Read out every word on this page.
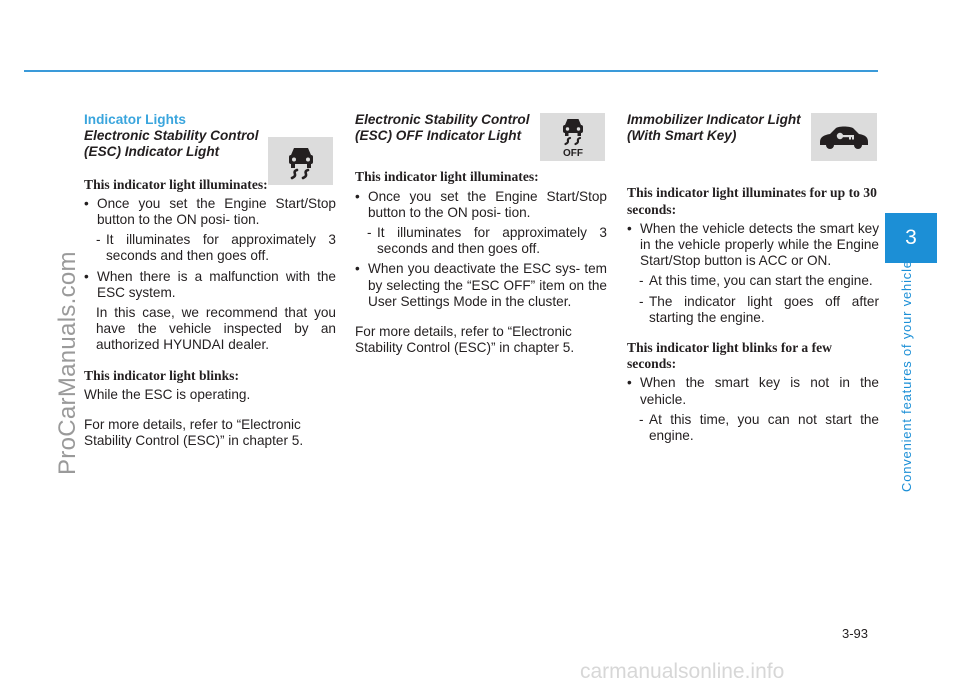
ProCarManuals.com
3
Convenient features of your vehicle

Indicator Lights

Electronic Stability Control (ESC) Indicator Light

This indicator light illuminates:

• Once you set the Engine Start/Stop button to the ON posi- tion.

- It illuminates for approximately 3 seconds and then goes off.

• When there is a malfunction with the ESC system.

In this case, we recommend that you have the vehicle inspected by an authorized HYUNDAI dealer.

This indicator light blinks:

While the ESC is operating.

For more details, refer to “Electronic Stability Control (ESC)” in chapter 5.

Electronic Stability Control (ESC) OFF Indicator Light

This indicator light illuminates:

• Once you set the Engine Start/Stop button to the ON posi- tion.

- It illuminates for approximately 3 seconds and then goes off.

• When you deactivate the ESC sys- tem by selecting the “ESC OFF” item on the User Settings Mode in the cluster.

For more details, refer to “Electronic Stability Control (ESC)” in chapter 5.

OFF

Immobilizer Indicator Light (With Smart Key)

This indicator light illuminates for up to 30 seconds:

• When the vehicle detects the smart key in the vehicle properly while the Engine Start/Stop button is ACC or ON.

- At this time, you can start the engine.

- The indicator light goes off after starting the engine.

This indicator light blinks for a few seconds:

• When the smart key is not in the vehicle.

- At this time, you can not start the engine.

3-93
carmanualsonline.info
